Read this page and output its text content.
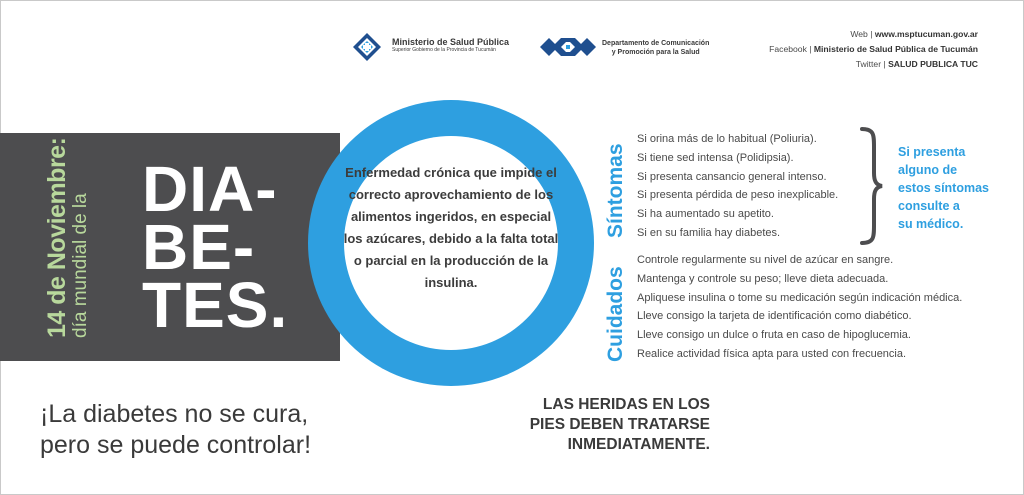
Ministerio de Salud Pública
Superior Gobierno de la Provincia de Tucumán
Departamento de Comunicación
y Promoción para la Salud
Web | www.msptucuman.gov.ar
Facebook | Ministerio de Salud Pública de Tucumán
Twitter | SALUD PUBLICA TUC
14 de Noviembre: día mundial de la
DIA-
BE-
TES.
Enfermedad crónica que impide el correcto aprovechamiento de los alimentos ingeridos, en especial los azúcares, debido a la falta total o parcial en la producción de la insulina.
Síntomas
Si orina más de lo habitual (Poliuria).
Si tiene sed intensa (Polidipsia).
Si presenta cansancio general intenso.
Si presenta pérdida de peso inexplicable.
Si ha aumentado su apetito.
Si en su familia hay diabetes.
Si presenta
alguno de
estos síntomas
consulte a
su médico.
Cuidados
Controle regularmente su nivel de azúcar en sangre.
Mantenga y controle su peso; lleve dieta adecuada.
Apliquese insulina o tome su medicación según indicación médica.
Lleve consigo la tarjeta de identificación como diabético.
Lleve consigo un dulce o fruta en caso de hipoglucemia.
Realice actividad física apta para usted con frecuencia.
¡La diabetes no se cura,
pero se puede controlar!
LAS HERIDAS EN LOS
PIES DEBEN TRATARSE
INMEDIATAMENTE.
